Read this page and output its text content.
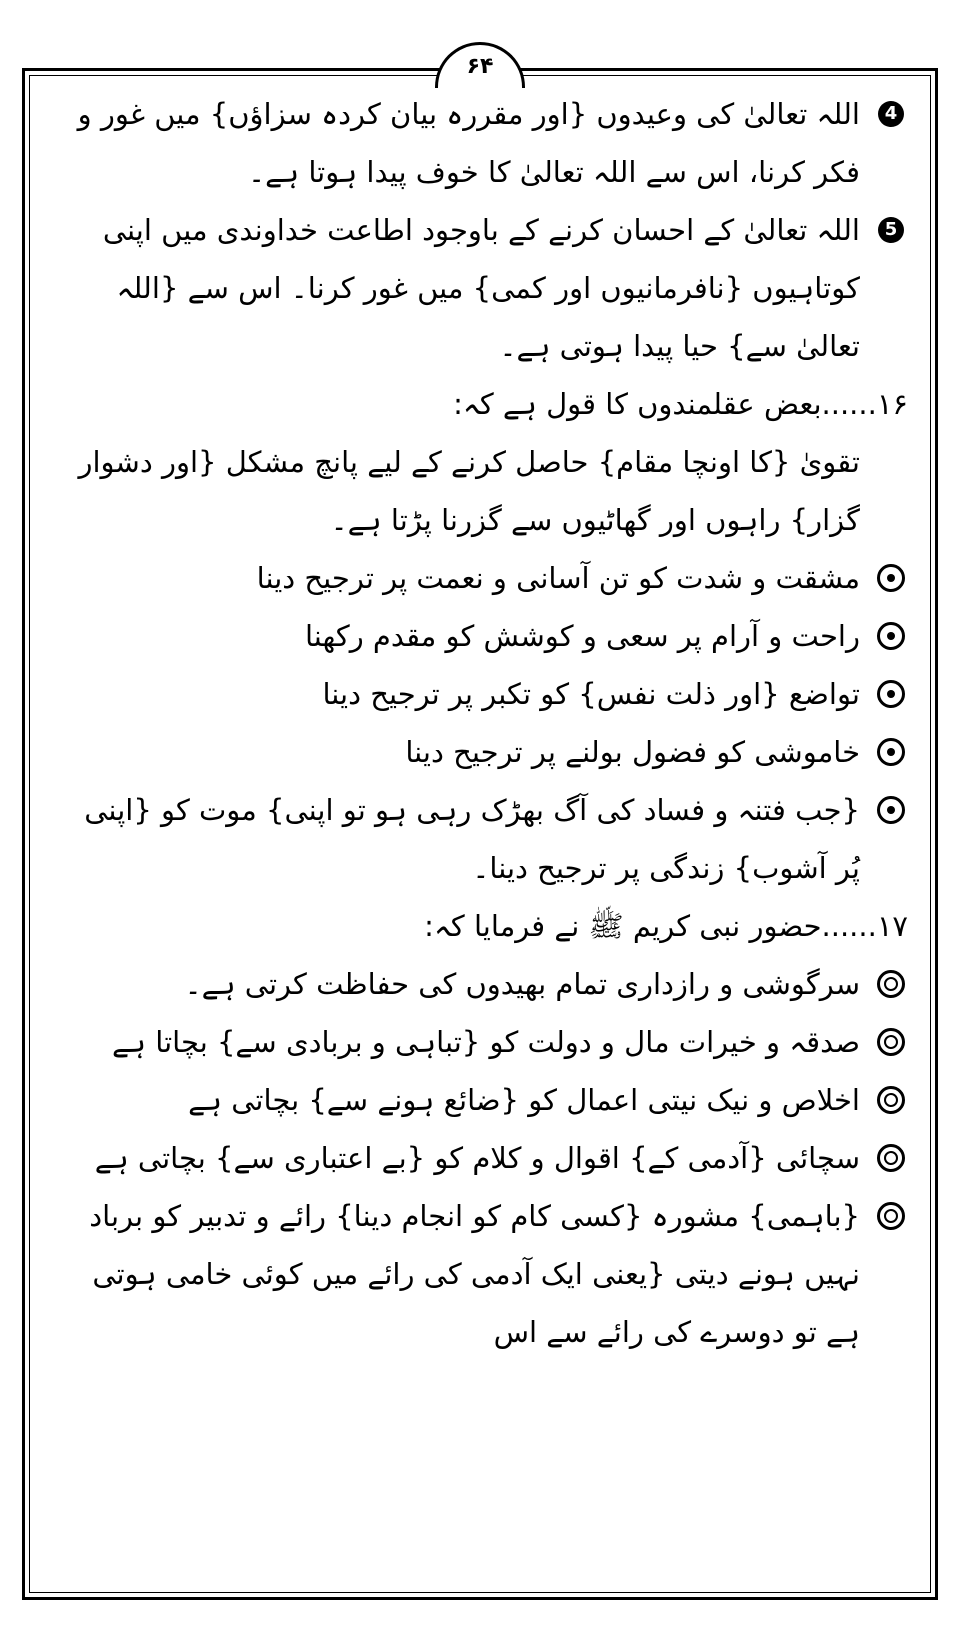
۶۴
4
اللہ تعالیٰ کی وعیدوں {اور مقررہ بیان کردہ سزاؤں} میں غور و فکر کرنا، اس سے اللہ تعالیٰ کا خوف پیدا ہوتا ہے۔
5
اللہ تعالیٰ کے احسان کرنے کے باوجود اطاعت خداوندی میں اپنی کوتاہیوں {نافرمانیوں اور کمی} میں غور کرنا۔ اس سے {اللہ تعالیٰ سے} حیا پیدا ہوتی ہے۔

۱۶......بعض عقلمندوں کا قول ہے کہ:

تقویٰ {کا اونچا مقام} حاصل کرنے کے لیے پانچ مشکل {اور دشوار گزار} راہوں اور گھاٹیوں سے گزرنا پڑتا ہے۔

مشقت و شدت کو تن آسانی و نعمت پر ترجیح دینا
راحت و آرام پر سعی و کوشش کو مقدم رکھنا
تواضع {اور ذلت نفس} کو تکبر پر ترجیح دینا
خاموشی کو فضول بولنے پر ترجیح دینا
{جب فتنہ و فساد کی آگ بھڑک رہی ہو تو اپنی} موت کو {اپنی پُر آشوب} زندگی پر ترجیح دینا۔

۱۷......حضور نبی کریم ﷺ نے فرمایا کہ:

سرگوشی و رازداری تمام بھیدوں کی حفاظت کرتی ہے۔
صدقہ و خیرات مال و دولت کو {تباہی و بربادی سے} بچاتا ہے
اخلاص و نیک نیتی اعمال کو {ضائع ہونے سے} بچاتی ہے
سچائی {آدمی کے} اقوال و کلام کو {بے اعتباری سے} بچاتی ہے
{باہمی} مشورہ {کسی کام کو انجام دینا} رائے و تدبیر کو برباد نہیں ہونے دیتی {یعنی ایک آدمی کی رائے میں کوئی خامی ہوتی ہے تو دوسرے کی رائے سے اس
